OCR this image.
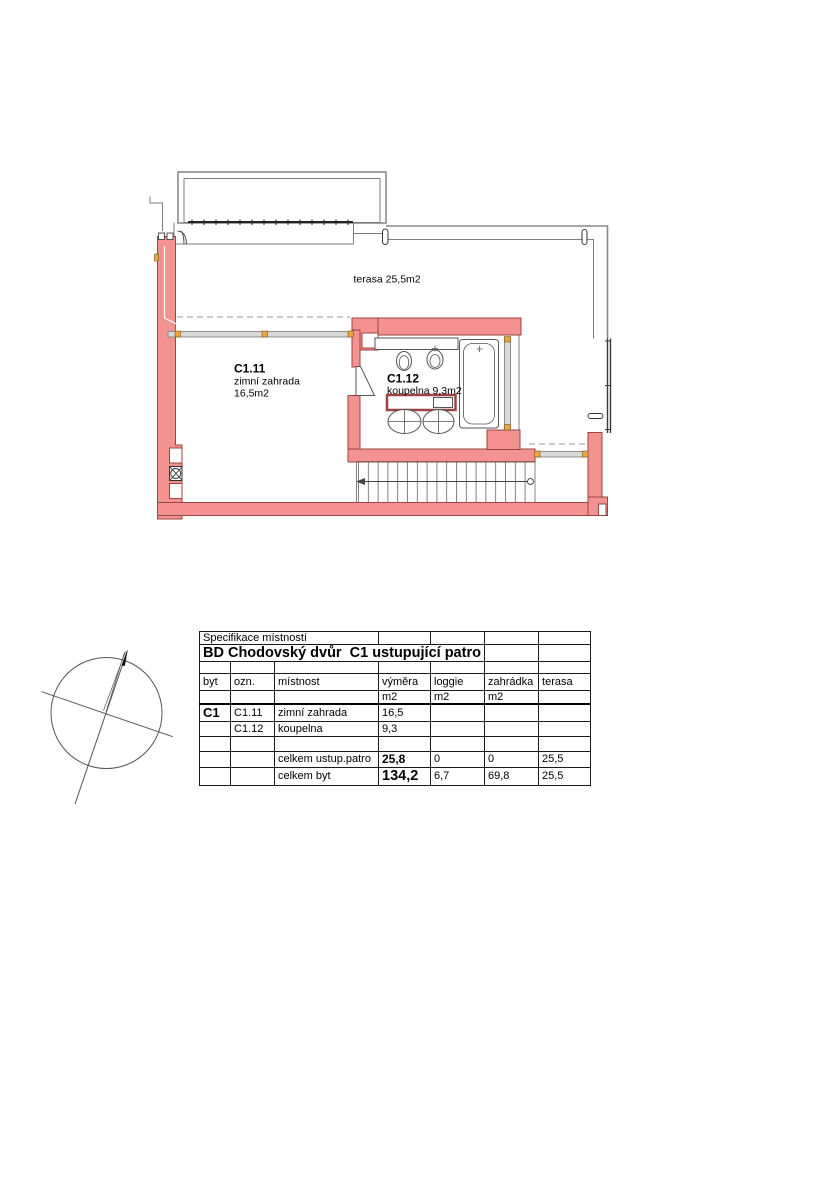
terasa 25,5m2
C1.11
zimní zahrada
16,5m2
C1.12
koupelna 9,3m2
Specifikace místností						
BD Chodovský dvůr  C1 ustupující patro						

byt	ozn.	místnost	výměra	loggie	zahrádka	terasa
			m2	m2	m2	
C1	C1.11	zimní zahrada	16,5			
	C1.12	koupelna	9,3			

		celkem ustup.patro	25,8	0	0	25,5
		celkem byt	134,2	6,7	69,8	25,5
